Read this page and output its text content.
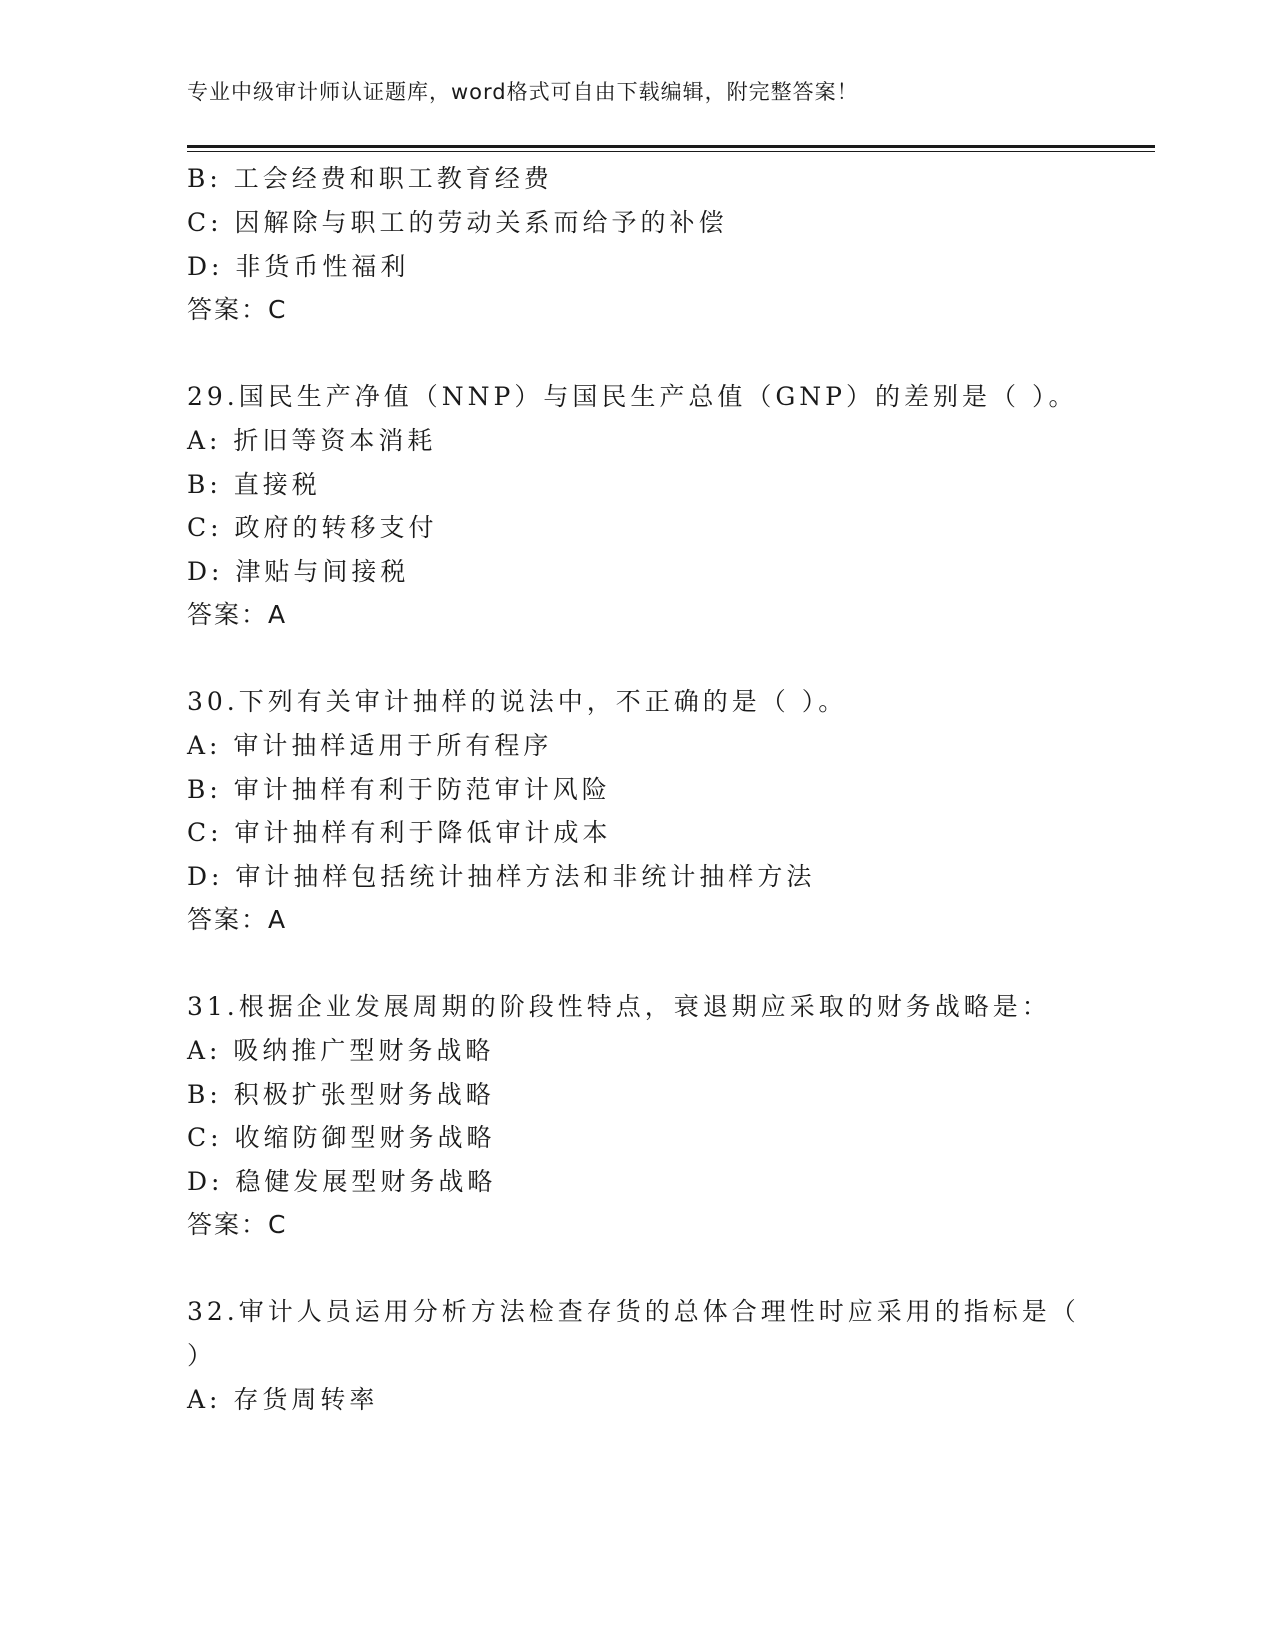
专业中级审计师认证题库，word格式可自由下载编辑，附完整答案！
B: 工会经费和职工教育经费
C: 因解除与职工的劳动关系而给予的补偿
D: 非货币性福利
答案：C
29.国民生产净值（NNP）与国民生产总值（GNP）的差别是（ ）。
A: 折旧等资本消耗
B: 直接税
C: 政府的转移支付
D: 津贴与间接税
答案：A
30.下列有关审计抽样的说法中，不正确的是（ ）。
A: 审计抽样适用于所有程序
B: 审计抽样有利于防范审计风险
C: 审计抽样有利于降低审计成本
D: 审计抽样包括统计抽样方法和非统计抽样方法
答案：A
31.根据企业发展周期的阶段性特点，衰退期应采取的财务战略是：
A: 吸纳推广型财务战略
B: 积极扩张型财务战略
C: 收缩防御型财务战略
D: 稳健发展型财务战略
答案：C
32.审计人员运用分析方法检查存货的总体合理性时应采用的指标是（
）
A: 存货周转率
